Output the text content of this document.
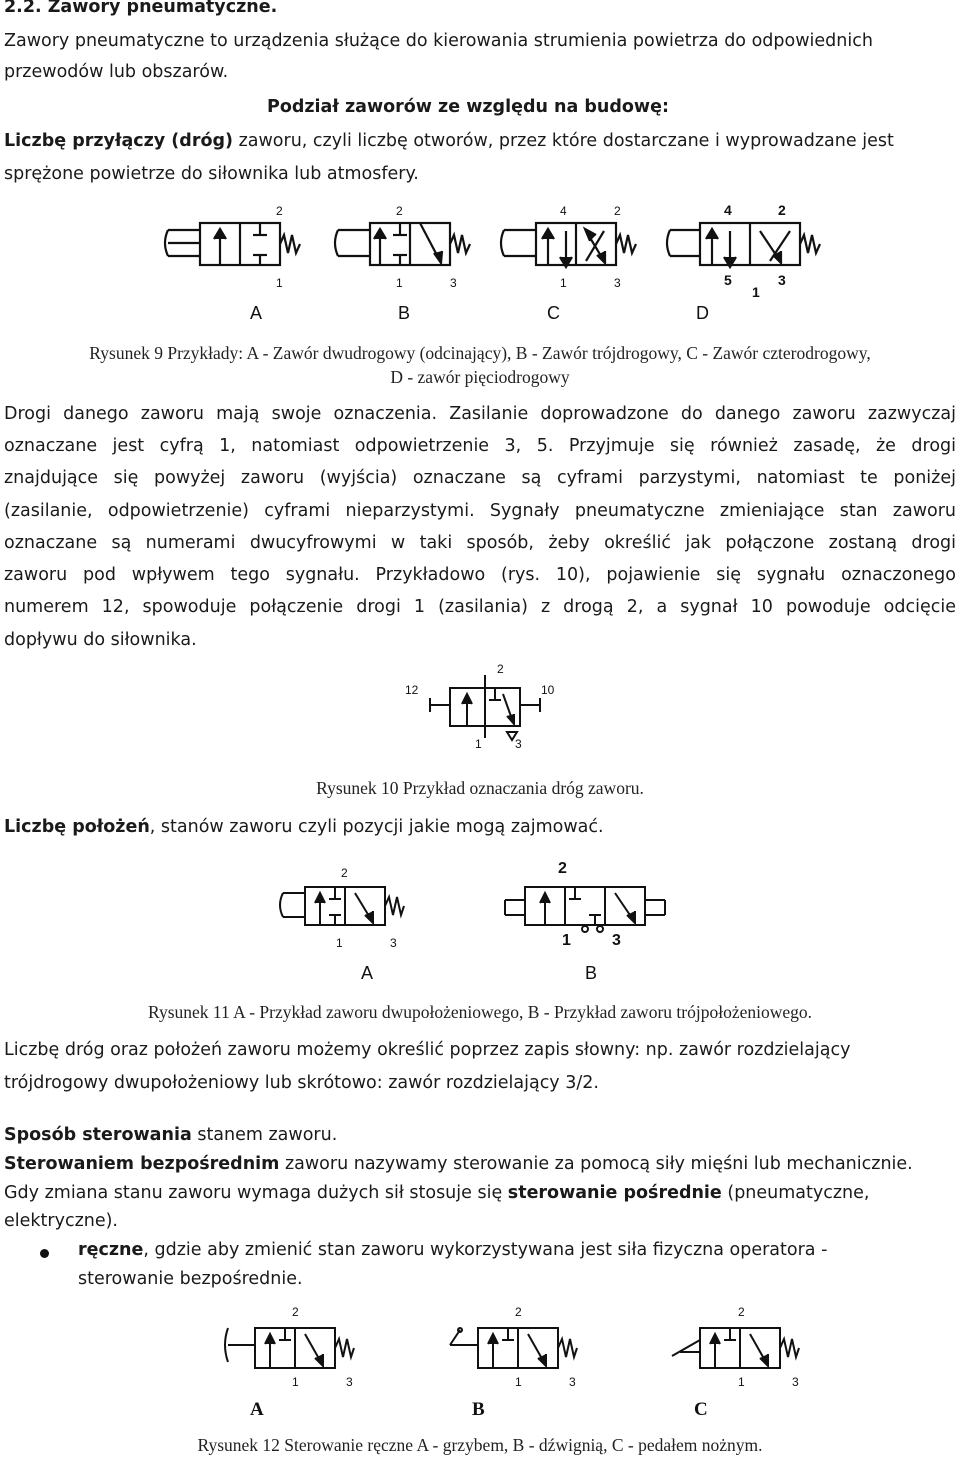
2.2. Zawory pneumatyczne.
Zawory pneumatyczne to urządzenia służące do kierowania strumienia powietrza do odpowiednich
przewodów lub obszarów.
Podział zaworów ze względu na budowę:
Liczbę przyłączy (dróg) zaworu, czyli liczbę otworów, przez które dostarczane i wyprowadzane jest
sprężone powietrze do siłownika lub atmosfery.
2
1
2
1	3
4	2
1	3
4	2
5	3
1
A	B	C	D
Rysunek 9 Przykłady: A - Zawór dwudrogowy (odcinający), B - Zawór trójdrogowy, C - Zawór czterodrogowy,
D - zawór pięciodrogowy
Drogi danego zaworu mają swoje oznaczenia. Zasilanie doprowadzone do danego zaworu zazwyczaj
oznaczane jest cyfrą 1, natomiast odpowietrzenie 3, 5. Przyjmuje się również zasadę, że drogi
znajdujące się powyżej zaworu (wyjścia) oznaczane są cyframi parzystymi, natomiast te poniżej
(zasilanie, odpowietrzenie) cyframi nieparzystymi. Sygnały pneumatyczne zmieniające stan zaworu
oznaczane są numerami dwucyfrowymi w taki sposób, żeby określić jak połączone zostaną drogi
zaworu pod wpływem tego sygnału. Przykładowo (rys. 10), pojawienie się sygnału oznaczonego
numerem 12, spowoduje połączenie drogi 1 (zasilania) z drogą 2, a sygnał 10 powoduje odcięcie
dopływu do siłownika.
2
12	10
1	3
Rysunek 10 Przykład oznaczania dróg zaworu.
Liczbę położeń, stanów zaworu czyli pozycji jakie mogą zajmować.
2
1	3
2
1	3
A	B
Rysunek 11 A - Przykład zaworu dwupołożeniowego, B - Przykład zaworu trójpołożeniowego.
Liczbę dróg oraz położeń zaworu możemy określić poprzez zapis słowny: np. zawór rozdzielający
trójdrogowy dwupołożeniowy lub skrótowo: zawór rozdzielający 3/2.
Sposób sterowania stanem zaworu.
Sterowaniem bezpośrednim zaworu nazywamy sterowanie za pomocą siły mięśni lub mechanicznie.
Gdy zmiana stanu zaworu wymaga dużych sił stosuje się sterowanie pośrednie (pneumatyczne,
elektryczne).
ręczne, gdzie aby zmienić stan zaworu wykorzystywana jest siła fizyczna operatora -
sterowanie bezpośrednie.
2
1	3
2
1	3
2
1	3
A	B	C
Rysunek 12 Sterowanie ręczne A - grzybem, B - dźwignią, C - pedałem nożnym.
